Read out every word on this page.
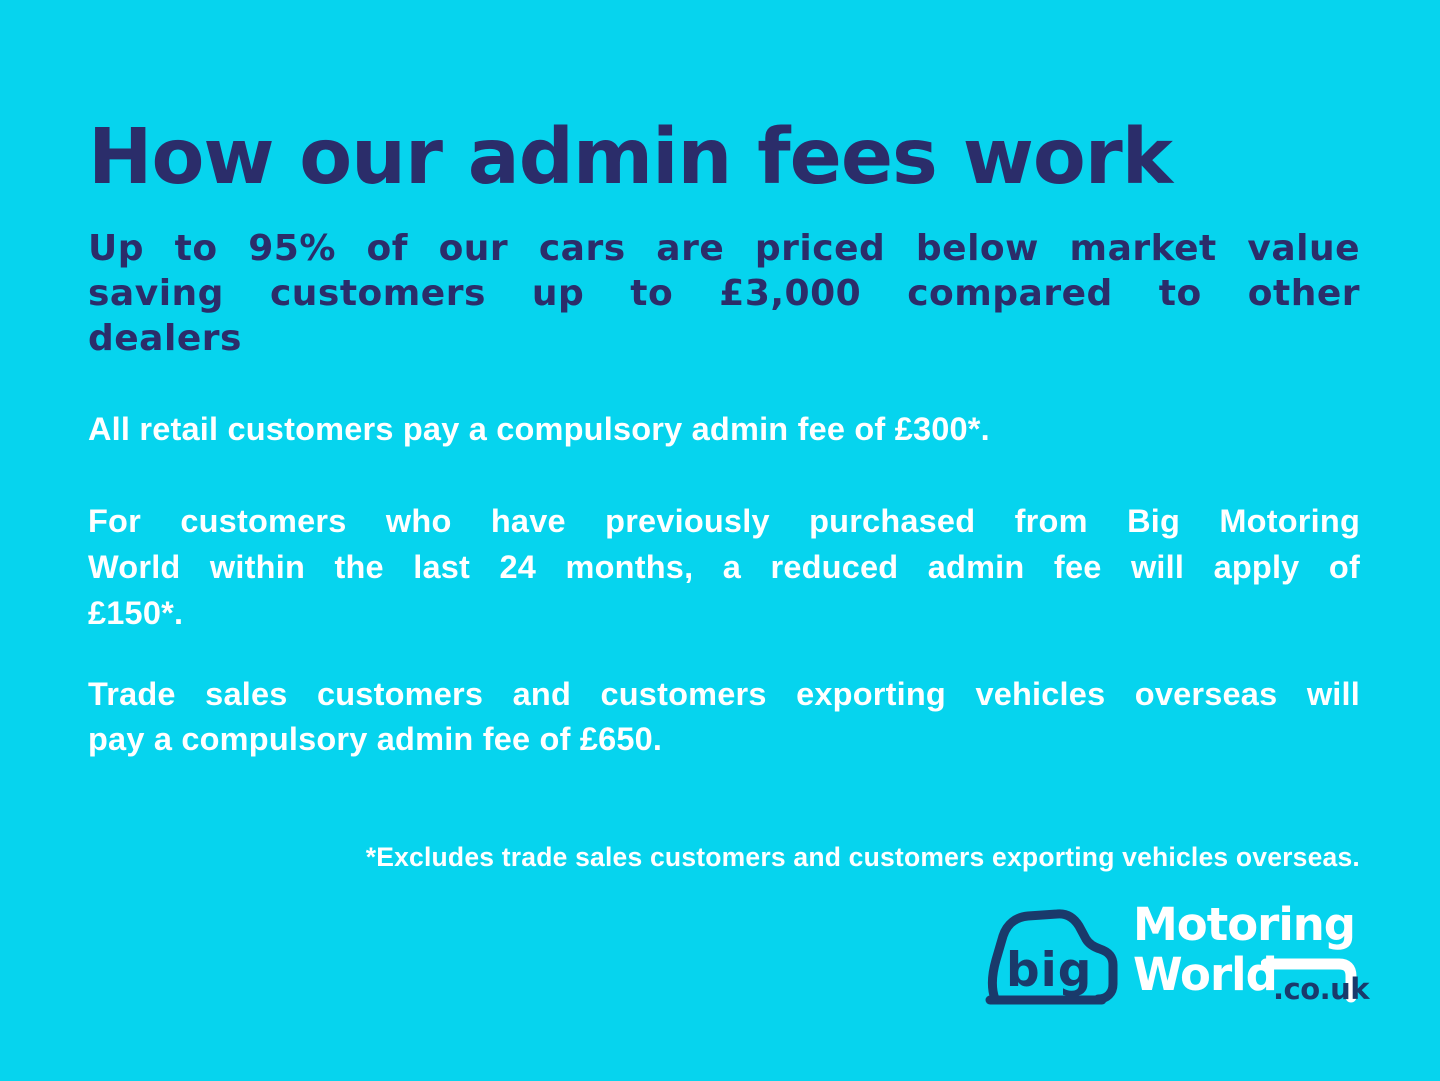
How our admin fees work
Up to 95% of our cars are priced below market value
saving customers up to £3,000 compared to other
dealers

All retail customers pay a compulsory admin fee of £300*.

For customers who have previously purchased from Big Motoring
World within the last 24 months, a reduced admin fee will apply of
£150*.
Trade sales customers and customers exporting vehicles overseas will
pay a compulsory admin fee of £650.

*Excludes trade sales customers and customers exporting vehicles overseas.

big
Motoring
World
.co.uk
